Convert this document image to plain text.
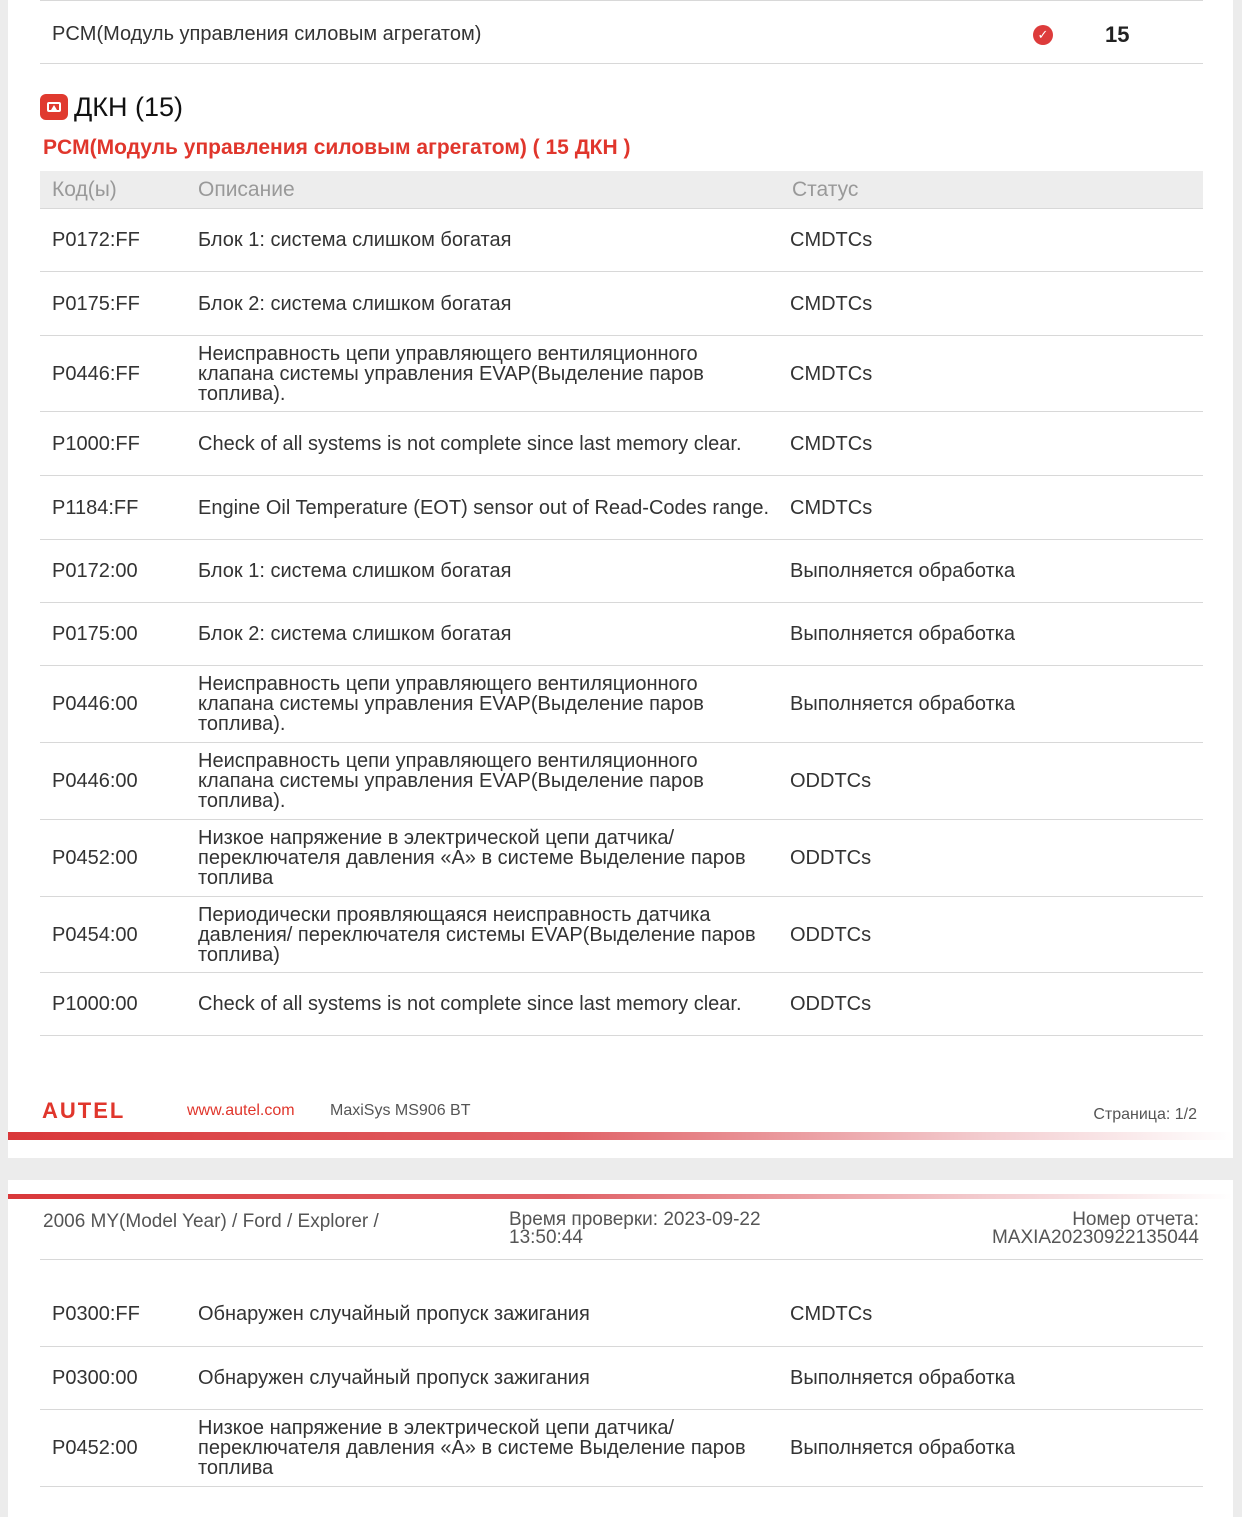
PCM(Модуль управления силовым агрегатом)	✓	15
ДКН (15)
PCM(Модуль управления силовым агрегатом) ( 15 ДКН )
Код(ы)	Описание	Статус
P0172:FF	Блок 1: система слишком богатая	CMDTCs
P0175:FF	Блок 2: система слишком богатая	CMDTCs
P0446:FF	Неисправность цепи управляющего вентиляционного клапана системы управления EVAP(Выделение паров топлива).	CMDTCs
P1000:FF	Check of all systems is not complete since last memory clear.	CMDTCs
P1184:FF	Engine Oil Temperature (EOT) sensor out of Read-Codes range.	CMDTCs
P0172:00	Блок 1: система слишком богатая	Выполняется обработка
P0175:00	Блок 2: система слишком богатая	Выполняется обработка
P0446:00	Неисправность цепи управляющего вентиляционного клапана системы управления EVAP(Выделение паров топлива).	Выполняется обработка
P0446:00	Неисправность цепи управляющего вентиляционного клапана системы управления EVAP(Выделение паров топлива).	ODDTCs
P0452:00	Низкое напряжение в электрической цепи датчика/переключателя давления «A» в системе Выделение паров топлива	ODDTCs
P0454:00	Периодически проявляющаяся неисправность датчика давления/ переключателя системы EVAP(Выделение паров топлива)	ODDTCs
P1000:00	Check of all systems is not complete since last memory clear.	ODDTCs
AUTEL	www.autel.com MaxiSys MS906 BT	Страница: 1/2
2006 MY(Model Year) / Ford / Explorer /	Время проверки: 2023-09-22 13:50:44
Номер отчета: MAXIA20230922135044
P0300:FF	Обнаружен случайный пропуск зажигания	CMDTCs
P0300:00	Обнаружен случайный пропуск зажигания	Выполняется обработка
P0452:00	Низкое напряжение в электрической цепи датчика/переключателя давления «A» в системе Выделение паров топлива	Выполняется обработка
